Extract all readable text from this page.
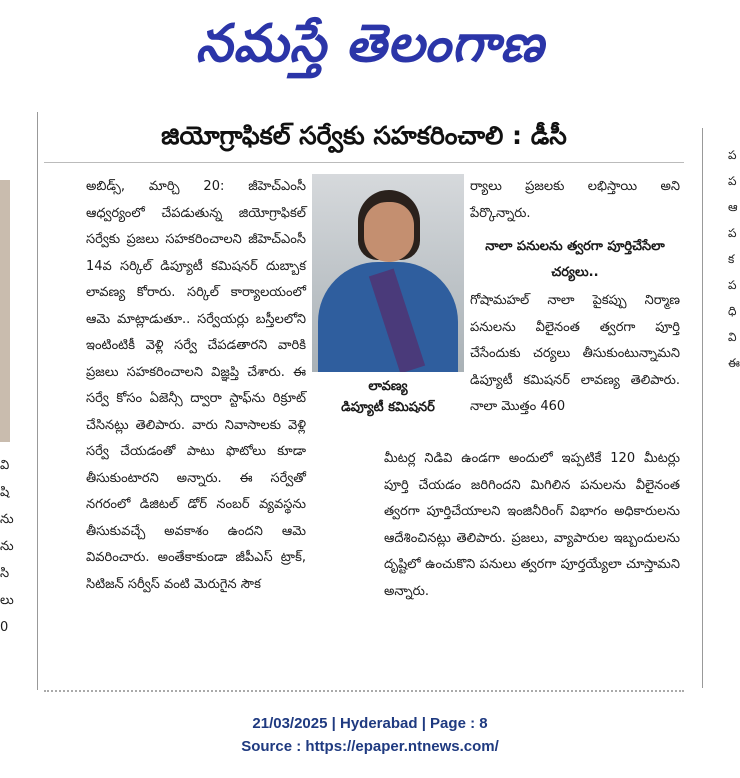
నమస్తే తెలంగాణ
వి
షి
ను
ను
సి
లు
0
ప
ప
ఆ
ప
క
ప
ధి
వి
ఈ
జియోగ్రాఫికల్ సర్వేకు సహకరించాలి : డీసీ
అబిడ్స్, మార్చి 20: జీహెచ్ఎంసీ ఆధ్వర్యంలో చేపడుతున్న జియోగ్రాఫికల్ సర్వేకు ప్రజలు సహకరించాలని జీహెచ్ఎంసీ 14వ సర్కిల్ డిప్యూటీ కమిషనర్ దుబ్బాక లావణ్య కోరారు. సర్కిల్ కార్యాలయంలో ఆమె మాట్లాడుతూ.. సర్వేయర్లు బస్తీలలోని ఇంటింటికీ వెళ్లి సర్వే చేపడతారని వారికి ప్రజలు సహకరించాలని విజ్ఞప్తి చేశారు. ఈ సర్వే కోసం ఏజెన్సీ ద్వారా స్టాఫ్‌ను రిక్రూట్ చేసినట్లు తెలిపారు. వారు నివాసాలకు వెళ్లి సర్వే చేయడంతో పాటు ఫొటోలు కూడా తీసుకుంటారని అన్నారు. ఈ సర్వేతో నగరంలో డిజిటల్ డోర్ నంబర్ వ్యవస్థను తీసుకువచ్చే అవకాశం ఉందని ఆమె వివరించారు. అంతేకాకుండా జీపీఎస్ ట్రాక్, సిటిజన్ సర్వీస్ వంటి మెరుగైన సౌక
లావణ్య
డిప్యూటీ కమిషనర్
ర్యాలు ప్రజలకు లభిస్తాయి అని పేర్కొన్నారు.
నాలా పనులను త్వరగా పూర్తిచేసేలా చర్యలు..
గోషామహల్ నాలా పైకప్పు నిర్మాణ పనులను వీలైనంత త్వరగా పూర్తి చేసేందుకు చర్యలు తీసుకుంటున్నామని డిప్యూటీ కమిషనర్ లావణ్య తెలిపారు. నాలా మొత్తం 460
మీటర్ల నిడివి ఉండగా అందులో ఇప్పటికే 120 మీటర్లు పూర్తి చేయడం జరిగిందని మిగిలిన పనులను వీలైనంత త్వరగా పూర్తిచేయాలని ఇంజినీరింగ్ విభాగం అధికారులను ఆదేశించినట్లు తెలిపారు. ప్రజలు, వ్యాపారుల ఇబ్బందులను దృష్టిలో ఉంచుకొని పనులు త్వరగా పూర్తయ్యేలా చూస్తామని అన్నారు.
21/03/2025 | Hyderabad | Page : 8
Source : https://epaper.ntnews.com/
